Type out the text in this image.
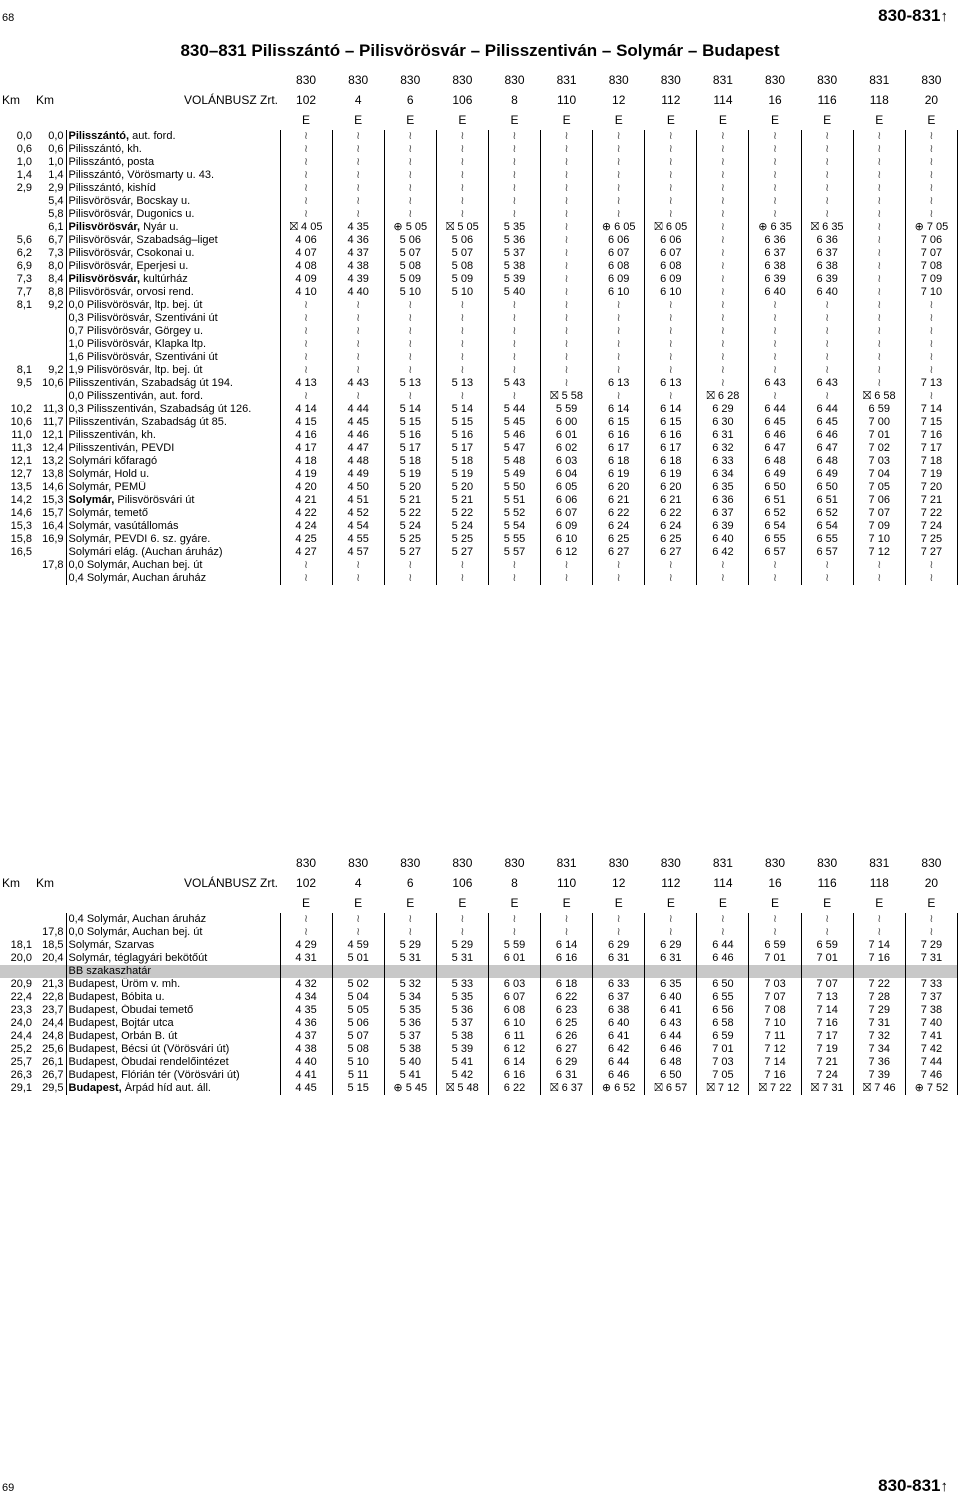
68	830-831↑
830–831 Pilisszántó – Pilisvörösvár – Pilisszentiván – Solymár – Budapest
			830	830	830	830	830	831	830	830	831	830	830	831	830
Km	Km	VOLÁNBUSZ Zrt.	102	4	6	106	8	110	12	112	114	16	116	118	20
			E	E	E	E	E	E	E	E	E	E	E	E	E
0,0	0,0	Pilisszántó, aut. ford.	≀	≀	≀	≀	≀	≀	≀	≀	≀	≀	≀	≀	≀
0,6	0,6	Pilisszántó, kh.	≀	≀	≀	≀	≀	≀	≀	≀	≀	≀	≀	≀	≀
1,0	1,0	Pilisszántó, posta	≀	≀	≀	≀	≀	≀	≀	≀	≀	≀	≀	≀	≀
1,4	1,4	Pilisszántó, Vörösmarty u. 43.	≀	≀	≀	≀	≀	≀	≀	≀	≀	≀	≀	≀	≀
2,9	2,9	Pilisszántó, kishíd	≀	≀	≀	≀	≀	≀	≀	≀	≀	≀	≀	≀	≀
	5,4	Pilisvörösvár, Bocskay u.	≀	≀	≀	≀	≀	≀	≀	≀	≀	≀	≀	≀	≀
	5,8	Pilisvörösvár, Dugonics u.	≀	≀	≀	≀	≀	≀	≀	≀	≀	≀	≀	≀	≀
	6,1	Pilisvörösvár, Nyár u.	⛝ 4 05	4 35	⊕ 5 05	⛝ 5 05	5 35	≀	⊕ 6 05	⛝ 6 05	≀	⊕ 6 35	⛝ 6 35	≀	⊕ 7 05
5,6	6,7	Pilisvörösvár, Szabadság–liget	4 06	4 36	5 06	5 06	5 36	≀	6 06	6 06	≀	6 36	6 36	≀	7 06
6,2	7,3	Pilisvörösvár, Csokonai u.	4 07	4 37	5 07	5 07	5 37	≀	6 07	6 07	≀	6 37	6 37	≀	7 07
6,9	8,0	Pilisvörösvár, Eperjesi u.	4 08	4 38	5 08	5 08	5 38	≀	6 08	6 08	≀	6 38	6 38	≀	7 08
7,3	8,4	Pilisvörösvár, kultúrház	4 09	4 39	5 09	5 09	5 39	≀	6 09	6 09	≀	6 39	6 39	≀	7 09
7,7	8,8	Pilisvörösvár, orvosi rend.	4 10	4 40	5 10	5 10	5 40	≀	6 10	6 10	≀	6 40	6 40	≀	7 10
8,1	9,2	0,0 Pilisvörösvár, ltp. bej. út	≀	≀	≀	≀	≀	≀	≀	≀	≀	≀	≀	≀	≀
		0,3 Pilisvörösvár, Szentiváni út	≀	≀	≀	≀	≀	≀	≀	≀	≀	≀	≀	≀	≀
		0,7 Pilisvörösvár, Görgey u.	≀	≀	≀	≀	≀	≀	≀	≀	≀	≀	≀	≀	≀
		1,0 Pilisvörösvár, Klapka ltp.	≀	≀	≀	≀	≀	≀	≀	≀	≀	≀	≀	≀	≀
		1,6 Pilisvörösvár, Szentiváni út	≀	≀	≀	≀	≀	≀	≀	≀	≀	≀	≀	≀	≀
8,1	9,2	1,9 Pilisvörösvár, ltp. bej. út	≀	≀	≀	≀	≀	≀	≀	≀	≀	≀	≀	≀	≀
9,5	10,6	Pilisszentiván, Szabadság út 194.	4 13	4 43	5 13	5 13	5 43	≀	6 13	6 13	≀	6 43	6 43	≀	7 13
		0,0 Pilisszentiván, aut. ford.	≀	≀	≀	≀	≀	⛝ 5 58	≀	≀	⛝ 6 28	≀	≀	⛝ 6 58	≀
10,2	11,3	0,3 Pilisszentiván, Szabadság út 126.	4 14	4 44	5 14	5 14	5 44	5 59	6 14	6 14	6 29	6 44	6 44	6 59	7 14
10,6	11,7	Pilisszentiván, Szabadság út 85.	4 15	4 45	5 15	5 15	5 45	6 00	6 15	6 15	6 30	6 45	6 45	7 00	7 15
11,0	12,1	Pilisszentiván, kh.	4 16	4 46	5 16	5 16	5 46	6 01	6 16	6 16	6 31	6 46	6 46	7 01	7 16
11,3	12,4	Pilisszentiván, PEVDI	4 17	4 47	5 17	5 17	5 47	6 02	6 17	6 17	6 32	6 47	6 47	7 02	7 17
12,1	13,2	Solymári kőfaragó	4 18	4 48	5 18	5 18	5 48	6 03	6 18	6 18	6 33	6 48	6 48	7 03	7 18
12,7	13,8	Solymár, Hold u.	4 19	4 49	5 19	5 19	5 49	6 04	6 19	6 19	6 34	6 49	6 49	7 04	7 19
13,5	14,6	Solymár, PEMÜ	4 20	4 50	5 20	5 20	5 50	6 05	6 20	6 20	6 35	6 50	6 50	7 05	7 20
14,2	15,3	Solymár, Pilisvörösvári út	4 21	4 51	5 21	5 21	5 51	6 06	6 21	6 21	6 36	6 51	6 51	7 06	7 21
14,6	15,7	Solymár, temető	4 22	4 52	5 22	5 22	5 52	6 07	6 22	6 22	6 37	6 52	6 52	7 07	7 22
15,3	16,4	Solymár, vasútállomás	4 24	4 54	5 24	5 24	5 54	6 09	6 24	6 24	6 39	6 54	6 54	7 09	7 24
15,8	16,9	Solymár, PEVDI 6. sz. gyáre.	4 25	4 55	5 25	5 25	5 55	6 10	6 25	6 25	6 40	6 55	6 55	7 10	7 25
16,5		Solymári elág. (Auchan áruház)	4 27	4 57	5 27	5 27	5 57	6 12	6 27	6 27	6 42	6 57	6 57	7 12	7 27
	17,8	0,0 Solymár, Auchan bej. út	≀	≀	≀	≀	≀	≀	≀	≀	≀	≀	≀	≀	≀
		0,4 Solymár, Auchan áruház	≀	≀	≀	≀	≀	≀	≀	≀	≀	≀	≀	≀	≀
			830	830	830	830	830	831	830	830	831	830	830	831	830
Km	Km	VOLÁNBUSZ Zrt.	102	4	6	106	8	110	12	112	114	16	116	118	20
			E	E	E	E	E	E	E	E	E	E	E	E	E
		0,4 Solymár, Auchan áruház	≀	≀	≀	≀	≀	≀	≀	≀	≀	≀	≀	≀	≀
	17,8	0,0 Solymár, Auchan bej. út	≀	≀	≀	≀	≀	≀	≀	≀	≀	≀	≀	≀	≀
18,1	18,5	Solymár, Szarvas	4 29	4 59	5 29	5 29	5 59	6 14	6 29	6 29	6 44	6 59	6 59	7 14	7 29
20,0	20,4	Solymár, téglagyári bekötőút	4 31	5 01	5 31	5 31	6 01	6 16	6 31	6 31	6 46	7 01	7 01	7 16	7 31
		BB szakaszhatár													
20,9	21,3	Budapest, Üröm v. mh.	4 32	5 02	5 32	5 33	6 03	6 18	6 33	6 35	6 50	7 03	7 07	7 22	7 33
22,4	22,8	Budapest, Bóbita u.	4 34	5 04	5 34	5 35	6 07	6 22	6 37	6 40	6 55	7 07	7 13	7 28	7 37
23,3	23,7	Budapest, Óbudai temető	4 35	5 05	5 35	5 36	6 08	6 23	6 38	6 41	6 56	7 08	7 14	7 29	7 38
24,0	24,4	Budapest, Bojtár utca	4 36	5 06	5 36	5 37	6 10	6 25	6 40	6 43	6 58	7 10	7 16	7 31	7 40
24,4	24,8	Budapest, Orbán B. út	4 37	5 07	5 37	5 38	6 11	6 26	6 41	6 44	6 59	7 11	7 17	7 32	7 41
25,2	25,6	Budapest, Bécsi út (Vörösvári út)	4 38	5 08	5 38	5 39	6 12	6 27	6 42	6 46	7 01	7 12	7 19	7 34	7 42
25,7	26,1	Budapest, Óbudai rendelőintézet	4 40	5 10	5 40	5 41	6 14	6 29	6 44	6 48	7 03	7 14	7 21	7 36	7 44
26,3	26,7	Budapest, Flórián tér (Vörösvári út)	4 41	5 11	5 41	5 42	6 16	6 31	6 46	6 50	7 05	7 16	7 24	7 39	7 46
29,1	29,5	Budapest, Árpád híd aut. áll.	4 45	5 15	⊕ 5 45	⛝ 5 48	6 22	⛝ 6 37	⊕ 6 52	⛝ 6 57	⛝ 7 12	⛝ 7 22	⛝ 7 31	⛝ 7 46	⊕ 7 52
69	830-831↑
